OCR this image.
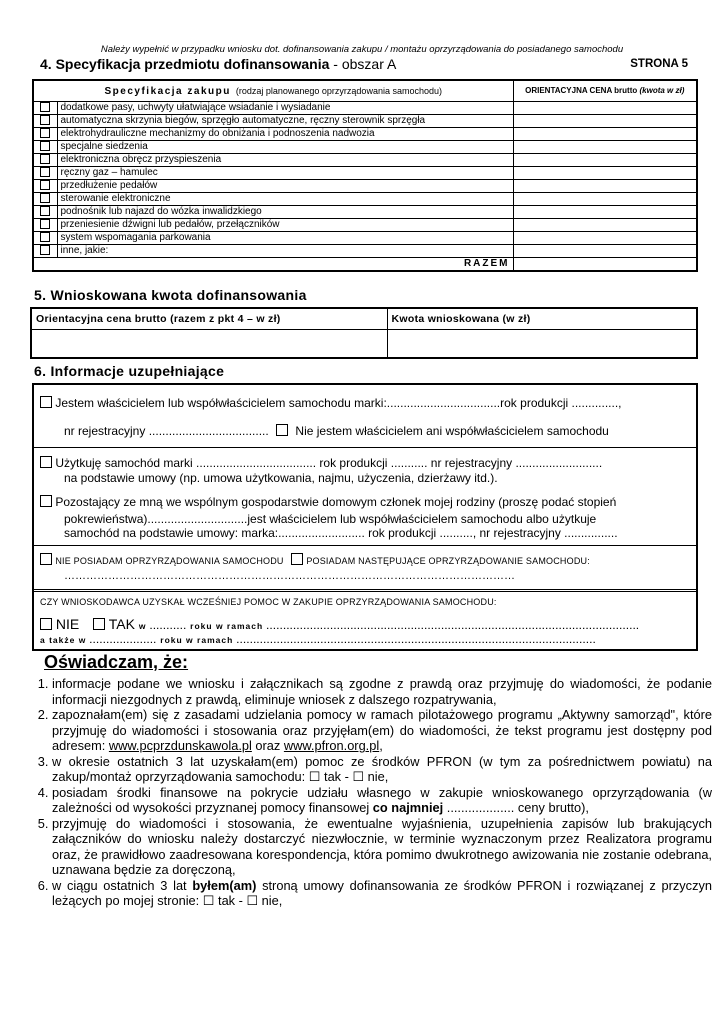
Należy wypełnić w przypadku wniosku dot. dofinansowania zakupu / montażu oprzyrządowania do posiadanego samochodu
4. Specyfikacja przedmiotu dofinansowania - obszar A	STRONA 5
Specyfikacja zakupu (rodzaj planowanego oprzyrządowania samochodu)		ORIENTACYJNA CENA brutto (kwota w zł)
	dodatkowe pasy, uchwyty ułatwiające wsiadanie i wysiadanie	
	automatyczna skrzynia biegów, sprzęgło automatyczne, ręczny sterownik sprzęgła	
	elektrohydrauliczne mechanizmy do obniżania i podnoszenia nadwozia	
	specjalne siedzenia	
	elektroniczna obręcz przyspieszenia	
	ręczny gaz – hamulec	
	przedłużenie pedałów	
	sterowanie elektroniczne	
	podnośnik lub najazd do wózka inwalidzkiego	
	przeniesienie dźwigni lub pedałów, przełączników	
	system wspomagania parkowania	
	inne, jakie:	
RAZEM		
5. Wnioskowana kwota dofinansowania
Orientacyjna cena brutto (razem z pkt 4 – w zł)	Kwota wnioskowana (w zł)

6. Informacje uzupełniające
Jestem właścicielem lub współwłaścicielem samochodu marki:..................................rok produkcji ..............,
nr rejestracyjny .................................... Nie jestem właścicielem ani współwłaścicielem samochodu
Użytkuję samochód marki .................................... rok produkcji ........... nr rejestracyjny ..........................
na podstawie umowy (np. umowa użytkowania, najmu, użyczenia, dzierżawy itd.).
Pozostający ze mną we wspólnym gospodarstwie domowym członek mojej rodziny (proszę podać stopień
pokrewieństwa)..............................jest właścicielem lub współwłaścicielem samochodu albo użytkuje
samochód na podstawie umowy: marka:.......................... rok produkcji .........., nr rejestracyjny ................
NIE POSIADAM OPRZYRZĄDOWANIA SAMOCHODU	POSIADAM NASTĘPUJĄCE OPRZYRZĄDOWANIE SAMOCHODU:
……………………………………………………………………………………………………………
CZY WNIOSKODAWCA UZYSKAŁ WCZEŚNIEJ POMOC W ZAKUPIE OPRZYRZĄDOWANIA SAMOCHODU:
NIE TAK w ........... roku w ramach ...............................................................................................................
a także w .................... roku w ramach ...........................................................................................................
Oświadczam, że:
1. informacje podane we wniosku i załącznikach są zgodne z prawdą oraz przyjmuję do wiadomości, że podanie informacji niezgodnych z prawdą, eliminuje wniosek z dalszego rozpatrywania,
2. zapoznałam(em) się z zasadami udzielania pomocy w ramach pilotażowego programu „Aktywny samorząd", które przyjmuję do wiadomości i stosowania oraz przyjęłam(em) do wiadomości, że tekst programu jest dostępny pod adresem: www.pcprzdunskawola.pl oraz www.pfron.org.pl,
3. w okresie ostatnich 3 lat uzyskałam(em) pomoc ze środków PFRON (w tym za pośrednictwem powiatu) na zakup/montaż oprzyrządowania samochodu: ☐ tak - ☐ nie,
4. posiadam środki finansowe na pokrycie udziału własnego w zakupie wnioskowanego oprzyrządowania (w zależności od wysokości przyznanej pomocy finansowej co najmniej ................... ceny brutto),
5. przyjmuję do wiadomości i stosowania, że ewentualne wyjaśnienia, uzupełnienia zapisów lub brakujących załączników do wniosku należy dostarczyć niezwłocznie, w terminie wyznaczonym przez Realizatora programu oraz, że prawidłowo zaadresowana korespondencja, która pomimo dwukrotnego awizowania nie zostanie odebrana, uznawana będzie za doręczoną,
6. w ciągu ostatnich 3 lat byłem(am) stroną umowy dofinansowania ze środków PFRON i rozwiązanej z przyczyn leżących po mojej stronie: ☐ tak - ☐ nie,
